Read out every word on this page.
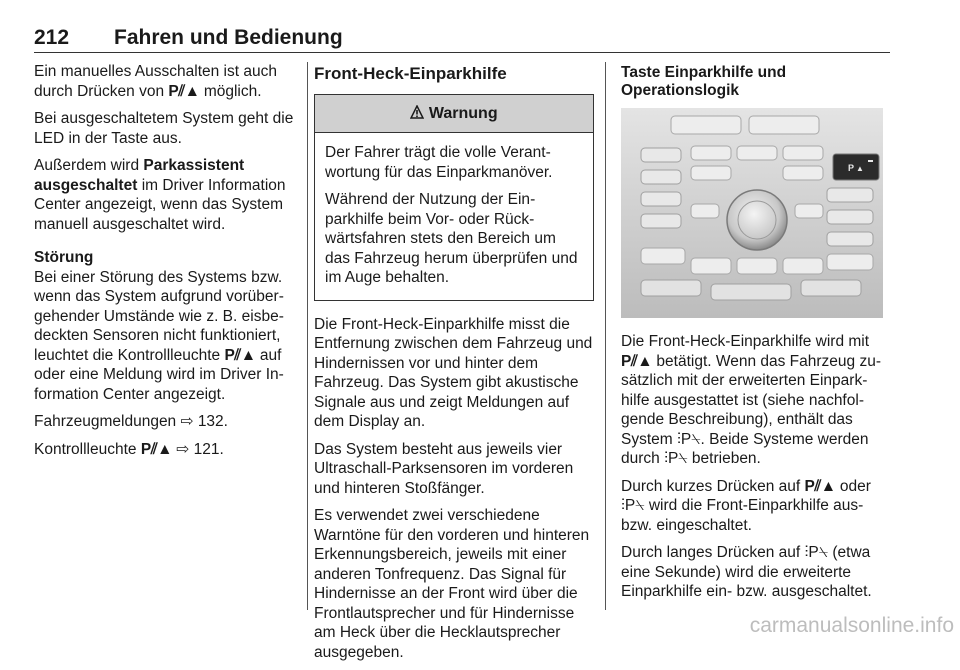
212 Fahren und Bedienung

Ein manuelles Ausschalten ist auch durch Drücken von P⫽▲ möglich.

Bei ausgeschaltetem System geht die LED in der Taste aus.

Außerdem wird Parkassistent ausgeschaltet im Driver Information Center angezeigt, wenn das System manuell ausgeschaltet wird.

Störung

Bei einer Störung des Systems bzw. wenn das System aufgrund vorübergehender Umstände wie z. B. eisbedeckten Sensoren nicht funktioniert, leuchtet die Kontrollleuchte P⫽▲ auf oder eine Meldung wird im Driver Information Center angezeigt.

Fahrzeugmeldungen ⇨ 132.

Kontrollleuchte P⫽▲ ⇨ 121.

Front-Heck-Einparkhilfe
Warnung

Der Fahrer trägt die volle Verantwortung für das Einparkmanöver.

Während der Nutzung der Einparkhilfe beim Vor- oder Rückwärtsfahren stets den Bereich um das Fahrzeug herum überprüfen und im Auge behalten.

Die Front-Heck-Einparkhilfe misst die Entfernung zwischen dem Fahrzeug und Hindernissen vor und hinter dem Fahrzeug. Das System gibt akustische Signale aus und zeigt Meldungen auf dem Display an.

Das System besteht aus jeweils vier Ultraschall-Parksensoren im vorderen und hinteren Stoßfänger.

Es verwendet zwei verschiedene Warntöne für den vorderen und hinteren Erkennungsbereich, jeweils mit einer anderen Tonfrequenz. Das Signal für Hindernisse an der Front wird über die Frontlautsprecher und für Hindernisse am Heck über die Hecklautsprecher ausgegeben.

Taste Einparkhilfe und Operationslogik
P ▲

Die Front-Heck-Einparkhilfe wird mit P⫽▲ betätigt. Wenn das Fahrzeug zusätzlich mit der erweiterten Einparkhilfe ausgestattet ist (siehe nachfolgende Beschreibung), enthält das System ⫶P⍀. Beide Systeme werden durch ⫶P⍀ betrieben.

Durch kurzes Drücken auf P⫽▲ oder ⫶P⍀ wird die Front-Einparkhilfe aus- bzw. eingeschaltet.

Durch langes Drücken auf ⫶P⍀ (etwa eine Sekunde) wird die erweiterte Einparkhilfe ein- bzw. ausgeschaltet.

carmanualsonline.info
